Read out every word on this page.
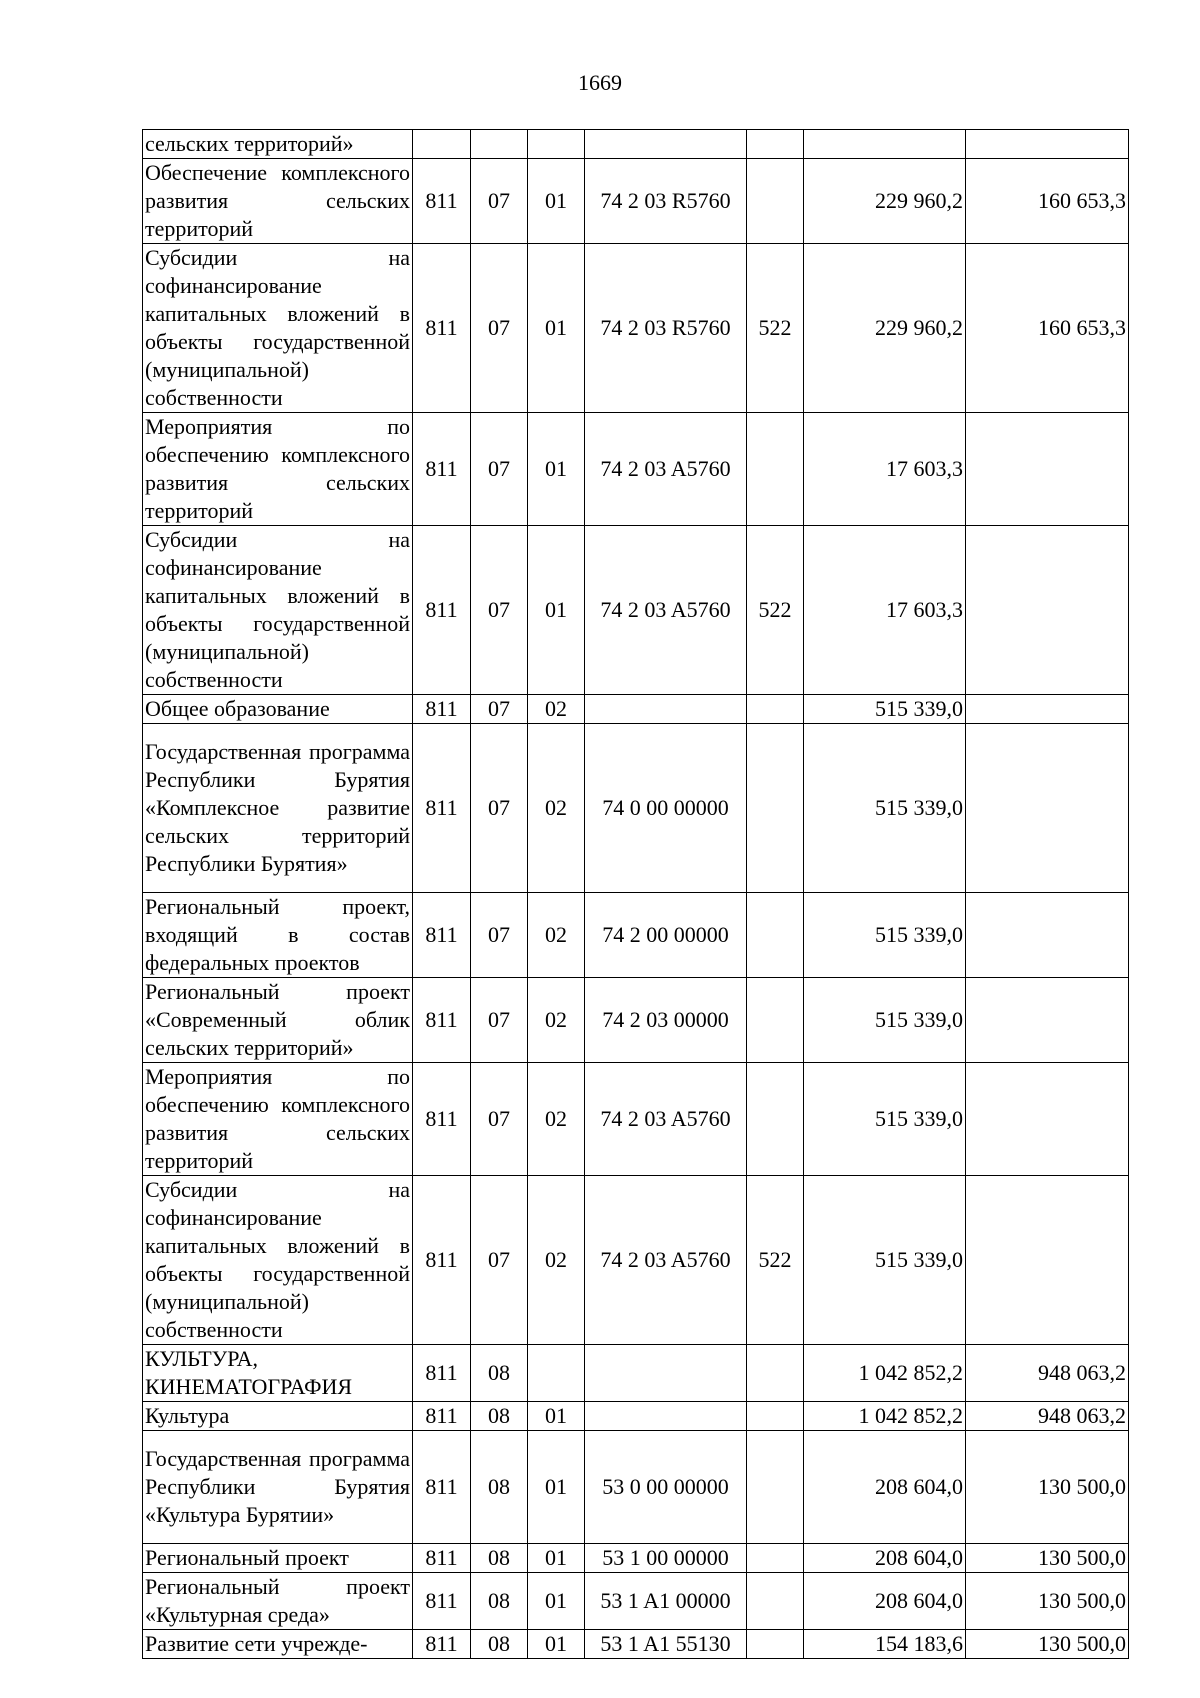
1669
сельских территорий»							
Обеспечение комплексного развития сельских территорий	811	07	01	74 2 03 R5760		229 960,2	160 653,3
Субсидии на софинансирование капитальных вложений в объекты государственной (муниципальной) собственности	811	07	01	74 2 03 R5760	522	229 960,2	160 653,3
Мероприятия по обеспечению комплексного развития сельских территорий	811	07	01	74 2 03 A5760		17 603,3	
Субсидии на софинансирование капитальных вложений в объекты государственной (муниципальной) собственности	811	07	01	74 2 03 A5760	522	17 603,3	
Общее образование	811	07	02			515 339,0	
Государственная программа Республики Бурятия «Комплексное развитие сельских территорий Республики Бурятия»	811	07	02	74 0 00 00000		515 339,0	
Региональный проект, входящий в состав федеральных проектов	811	07	02	74 2 00 00000		515 339,0	
Региональный проект «Современный облик сельских территорий»	811	07	02	74 2 03 00000		515 339,0	
Мероприятия по обеспечению комплексного развития сельских территорий	811	07	02	74 2 03 A5760		515 339,0	
Субсидии на софинансирование капитальных вложений в объекты государственной (муниципальной) собственности	811	07	02	74 2 03 A5760	522	515 339,0	
КУЛЬТУРА, КИНЕМАТОГРАФИЯ	811	08				1 042 852,2	948 063,2
Культура	811	08	01			1 042 852,2	948 063,2
Государственная программа Республики Бурятия «Культура Бурятии»	811	08	01	53 0 00 00000		208 604,0	130 500,0
Региональный проект	811	08	01	53 1 00 00000		208 604,0	130 500,0
Региональный проект «Культурная среда»	811	08	01	53 1 A1 00000		208 604,0	130 500,0
Развитие сети учрежде-	811	08	01	53 1 A1 55130		154 183,6	130 500,0
